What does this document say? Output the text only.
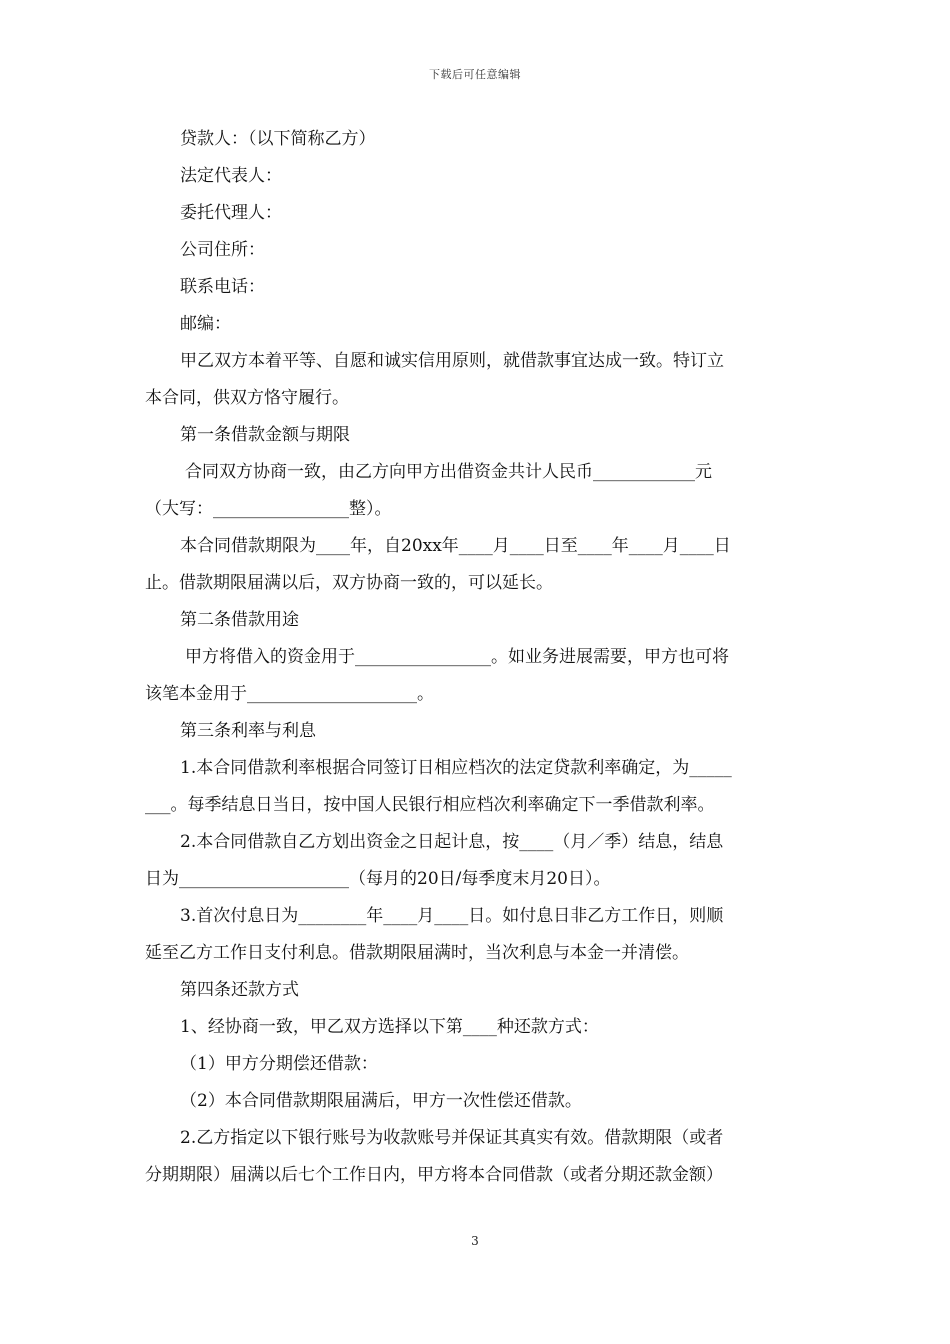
下载后可任意编辑
贷款人：（以下简称乙方）
法定代表人：
委托代理人：
公司住所：
联系电话：
邮编：
甲乙双方本着平等、自愿和诚实信用原则，就借款事宜达成一致。特订立
本合同，供双方恪守履行。
第一条借款金额与期限
合同双方协商一致，由乙方向甲方出借资金共计人民币____________元
（大写：________________整）。
本合同借款期限为____年，自20xx年____月____日至____年____月____日
止。借款期限届满以后，双方协商一致的，可以延长。
第二条借款用途
甲方将借入的资金用于________________。如业务进展需要，甲方也可将
该笔本金用于____________________。
第三条利率与利息
1.本合同借款利率根据合同签订日相应档次的法定贷款利率确定，为_____
___。每季结息日当日，按中国人民银行相应档次利率确定下一季借款利率。
2.本合同借款自乙方划出资金之日起计息，按____（月／季）结息，结息
日为____________________（每月的20日/每季度末月20日）。
3.首次付息日为________年____月____日。如付息日非乙方工作日，则顺
延至乙方工作日支付利息。借款期限届满时，当次利息与本金一并清偿。
第四条还款方式
1、经协商一致，甲乙双方选择以下第____种还款方式：
（1）甲方分期偿还借款：
（2）本合同借款期限届满后，甲方一次性偿还借款。
2.乙方指定以下银行账号为收款账号并保证其真实有效。借款期限（或者
分期期限）届满以后七个工作日内，甲方将本合同借款（或者分期还款金额）
3
